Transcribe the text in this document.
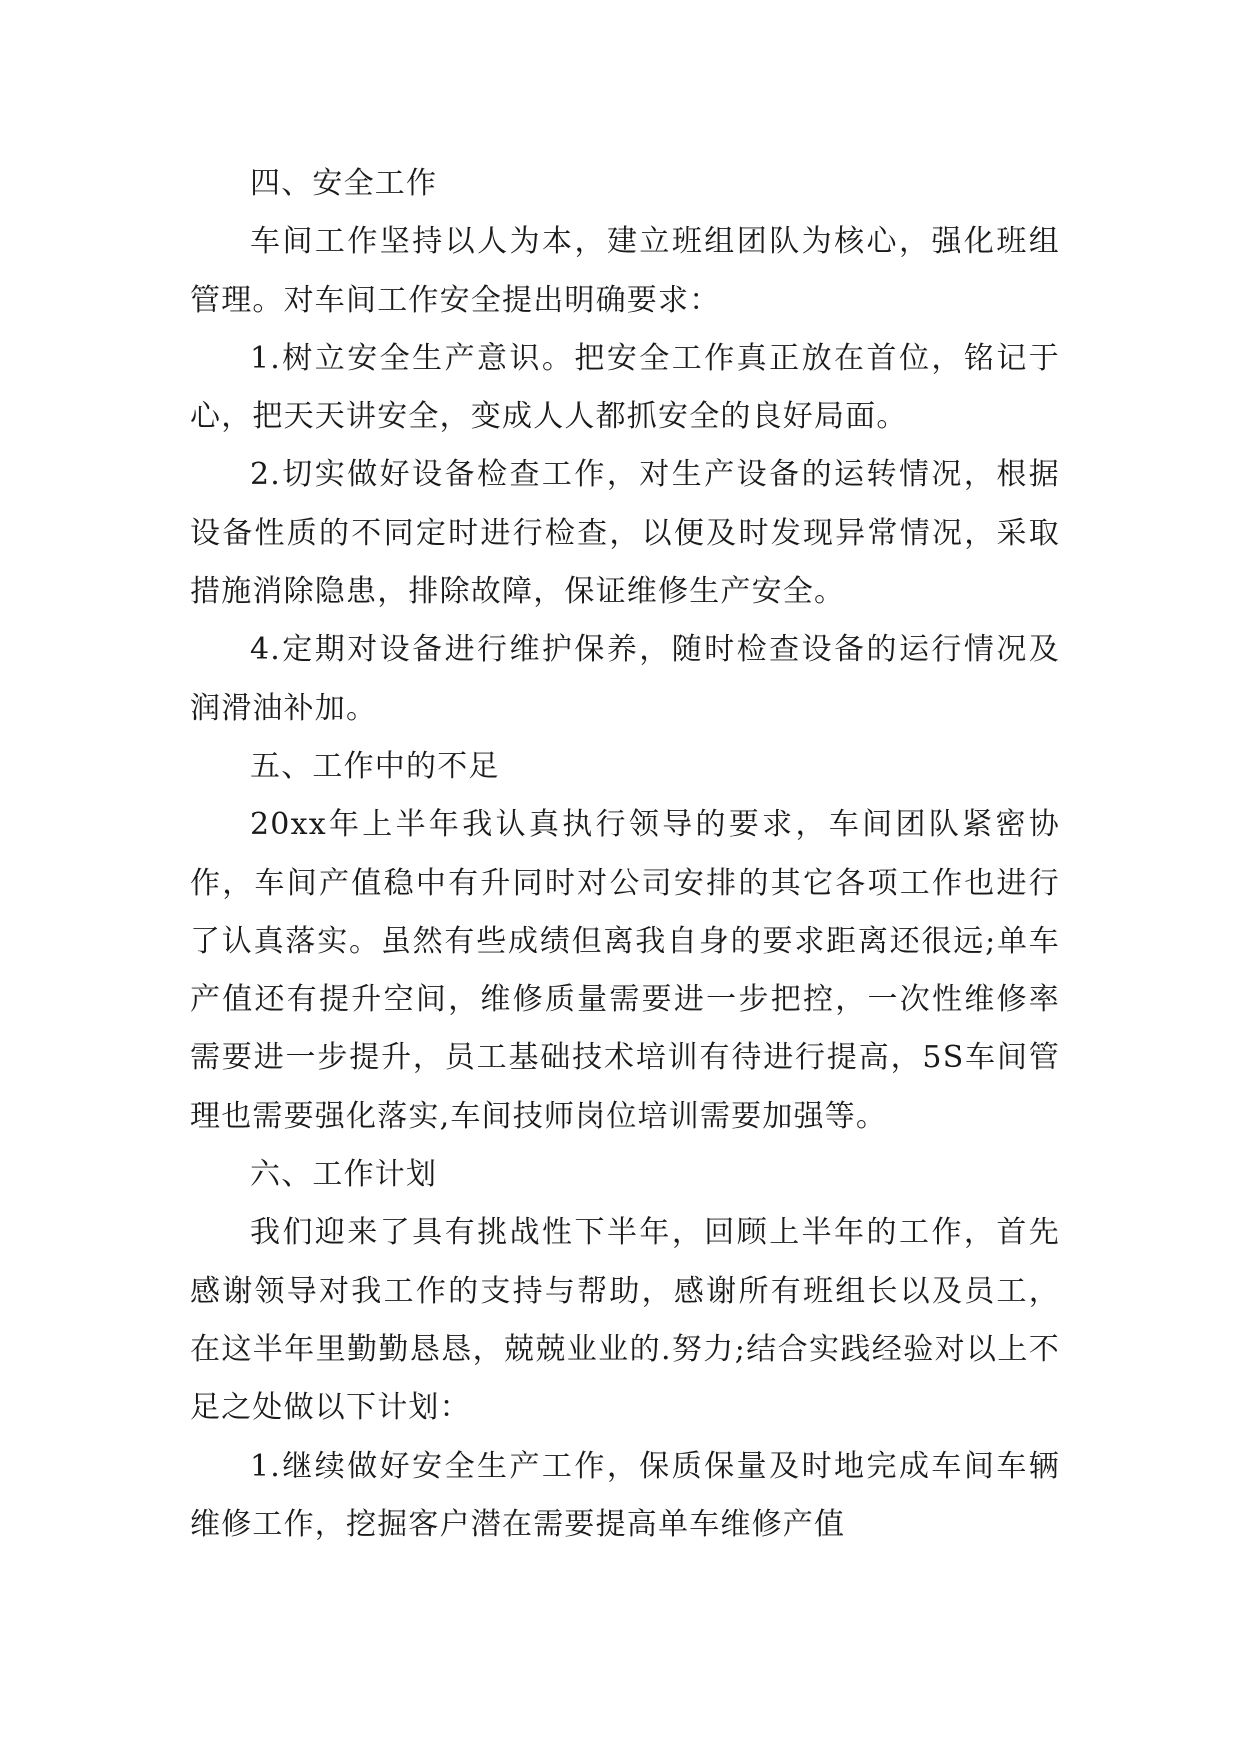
四、安全工作

车间工作坚持以人为本，建立班组团队为核心，强化班组管理。对车间工作安全提出明确要求：

1.树立安全生产意识。把安全工作真正放在首位，铭记于心，把天天讲安全，变成人人都抓安全的良好局面。

2.切实做好设备检查工作，对生产设备的运转情况，根据设备性质的不同定时进行检查，以便及时发现异常情况，采取措施消除隐患，排除故障，保证维修生产安全。

4.定期对设备进行维护保养，随时检查设备的运行情况及润滑油补加。

五、工作中的不足

20xx年上半年我认真执行领导的要求，车间团队紧密协作，车间产值稳中有升同时对公司安排的其它各项工作也进行了认真落实。虽然有些成绩但离我自身的要求距离还很远;单车产值还有提升空间，维修质量需要进一步把控，一次性维修率需要进一步提升，员工基础技术培训有待进行提高，5S车间管理也需要强化落实,车间技师岗位培训需要加强等。

六、工作计划

我们迎来了具有挑战性下半年，回顾上半年的工作，首先感谢领导对我工作的支持与帮助，感谢所有班组长以及员工，在这半年里勤勤恳恳，兢兢业业的.努力;结合实践经验对以上不足之处做以下计划：

1.继续做好安全生产工作，保质保量及时地完成车间车辆维修工作，挖掘客户潜在需要提高单车维修产值
